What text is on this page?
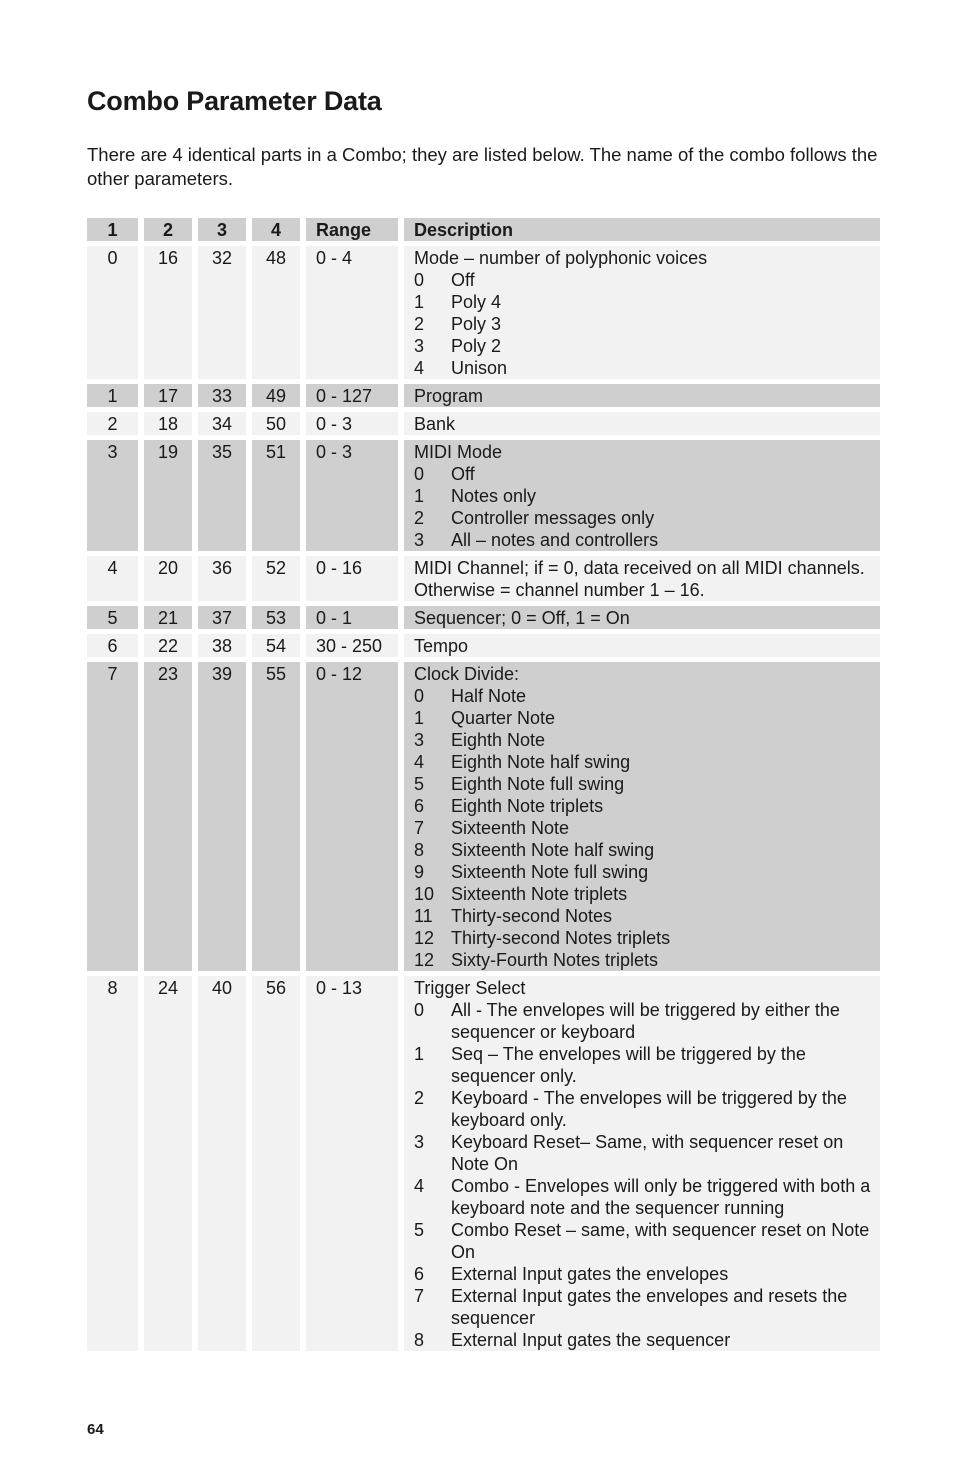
Combo Parameter Data

There are 4 identical parts in a Combo; they are listed below. The name of the combo follows the other parameters.

1	2	3	4	Range	Description
0	16	32	48	0 - 4	Mode – number of polyphonic voices
0	Off
1	Poly 4
2	Poly 3
3	Poly 2
4	Unison
1	17	33	49	0 - 127	Program
2	18	34	50	0 - 3	Bank
3	19	35	51	0 - 3	MIDI Mode
0	Off
1	Notes only
2	Controller messages only
3	All – notes and controllers
4	20	36	52	0 - 16	MIDI Channel; if = 0, data received on all MIDI channels. Otherwise = channel number 1 – 16.
5	21	37	53	0 - 1	Sequencer; 0 = Off, 1 = On
6	22	38	54	30 - 250	Tempo
7	23	39	55	0 - 12	Clock Divide:
0	Half Note
1	Quarter Note
3	Eighth Note
4	Eighth Note half swing
5	Eighth Note full swing
6	Eighth Note triplets
7	Sixteenth Note
8	Sixteenth Note half swing
9	Sixteenth Note full swing
10 Sixteenth Note triplets
11	Thirty-second Notes
12 Thirty-second Notes triplets
12 Sixty-Fourth Notes triplets
8	24	40	56	0 - 13	Trigger Select
0	All - The envelopes will be triggered by either the sequencer or keyboard
1	Seq – The envelopes will be triggered by the sequencer only.
2	Keyboard - The envelopes will be triggered by the keyboard only.
3	Keyboard Reset– Same, with sequencer reset on Note On
4	Combo - Envelopes will only be triggered with both a keyboard note and the sequencer running
5	Combo Reset – same, with sequencer reset on Note On
6	External Input gates the envelopes
7	External Input gates the envelopes and resets the sequencer
8	External Input gates the sequencer
64
